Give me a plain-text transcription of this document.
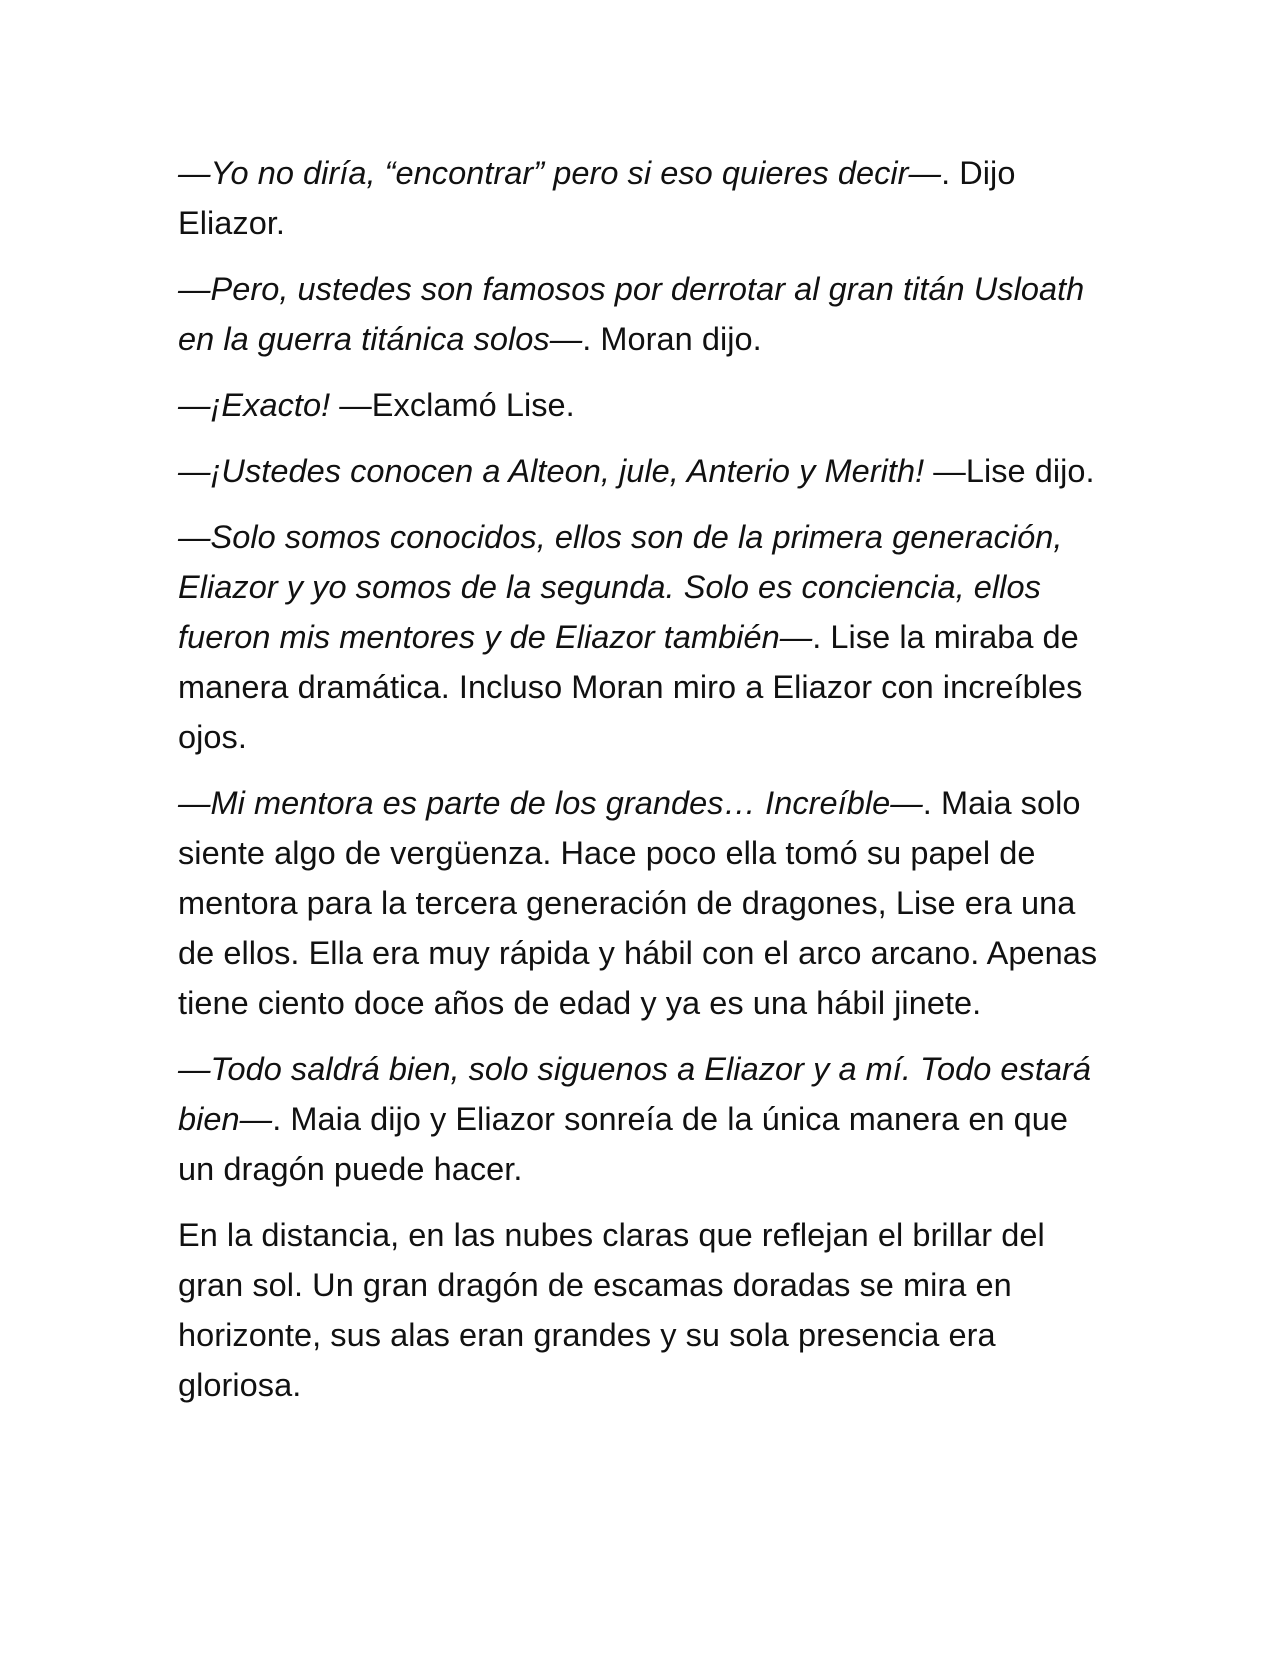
—Yo no diría, “encontrar” pero si eso quieres decir—. Dijo Eliazor.

—Pero, ustedes son famosos por derrotar al gran titán Usloath en la guerra titánica solos—. Moran dijo.

—¡Exacto! —Exclamó Lise.

—¡Ustedes conocen a Alteon, jule, Anterio y Merith! —Lise dijo.

—Solo somos conocidos, ellos son de la primera generación, Eliazor y yo somos de la segunda. Solo es conciencia, ellos fueron mis mentores y de Eliazor también—. Lise la miraba de manera dramática. Incluso Moran miro a Eliazor con increíbles ojos.

—Mi mentora es parte de los grandes… Increíble—. Maia solo siente algo de vergüenza. Hace poco ella tomó su papel de mentora para la tercera generación de dragones, Lise era una de ellos. Ella era muy rápida y hábil con el arco arcano. Apenas tiene ciento doce años de edad y ya es una hábil jinete.

—Todo saldrá bien, solo siguenos a Eliazor y a mí. Todo estará bien—. Maia dijo y Eliazor sonreía de la única manera en que un dragón puede hacer.

En la distancia, en las nubes claras que reflejan el brillar del gran sol. Un gran dragón de escamas doradas se mira en horizonte, sus alas eran grandes y su sola presencia era gloriosa.
